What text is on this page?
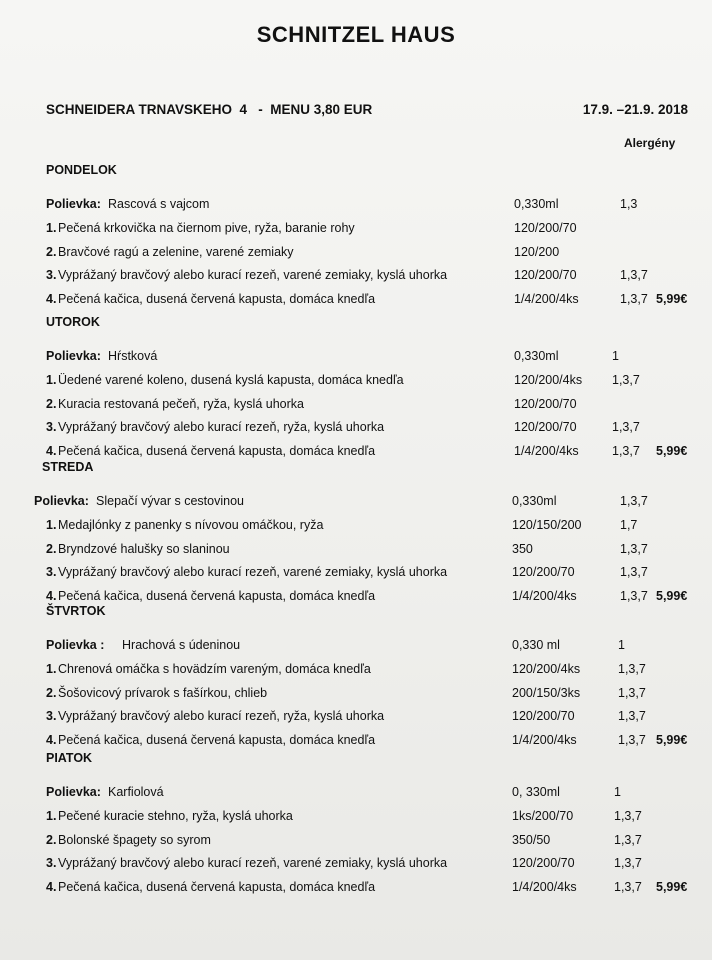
SCHNITZEL HAUS
SCHNEIDERA TRNAVSKEHO  4   -  MENU 3,80 EUR	17.9. –21.9. 2018
Alergény
PONDELOK
Polievka: Rascová s vajcom	0,330ml	1,3
1. Pečená krkovička na čiernom pive, ryža, baranie rohy	120/200/70
2. Bravčové ragú a zelenine, varené zemiaky	120/200
3. Vyprážaný bravčový alebo kurací rezeň, varené zemiaky, kyslá uhorka	120/200/70	1,3,7
4. Pečená kačica, dusená červená kapusta, domáca knedľa	1/4/200/4ks	1,3,7 5,99€
UTOROK
Polievka: Hŕstková	0,330ml	1
1. Üedené varené koleno, dusená kyslá kapusta, domáca knedľa	120/200/4ks 1,3,7
2. Kuracia restovaná pečeň, ryža, kyslá uhorka	120/200/70
3. Vyprážaný bravčový alebo kurací rezeň, ryža, kyslá uhorka	120/200/70	1,3,7
4. Pečená kačica, dusená červená kapusta, domáca knedľa	1/4/200/4ks	1,3,7 5,99€
STREDA
Polievka: Slepačí vývar s cestovinou	0,330ml	1,3,7
1. Medajlónky z panenky s nívovou omáčkou, ryža	120/150/200	1,7
2. Bryndzové halušky so slaninou	350	1,3,7
3. Vyprážaný bravčový alebo kurací rezeň, varené zemiaky, kyslá uhorka	120/200/70	1,3,7
4. Pečená kačica, dusená červená kapusta, domáca knedľa	1/4/200/4ks	1,3,7 5,99€
ŠTVRTOK
Polievka : Hrachová s údeninou	0,330 ml	1
1. Chrenová omáčka s hovädzím vareným, domáca knedľa	120/200/4ks	1,3,7
2. Šošovicový prívarok s fašírkou, chlieb	200/150/3ks	1,3,7
3. Vyprážaný bravčový alebo kurací rezeň, ryža, kyslá uhorka	120/200/70	1,3,7
4. Pečená kačica, dusená červená kapusta, domáca knedľa	1/4/200/4ks	1,3,7 5,99€
PIATOK
Polievka: Karfiolová	0, 330ml	1
1. Pečené kuracie stehno, ryža, kyslá uhorka	1ks/200/70	1,3,7
2. Bolonské špagety so syrom	350/50	1,3,7
3. Vyprážaný bravčový alebo kurací rezeň, varené zemiaky, kyslá uhorka	120/200/70	1,3,7
4. Pečená kačica, dusená červená kapusta, domáca knedľa	1/4/200/4ks	1,3,7 5,99€
